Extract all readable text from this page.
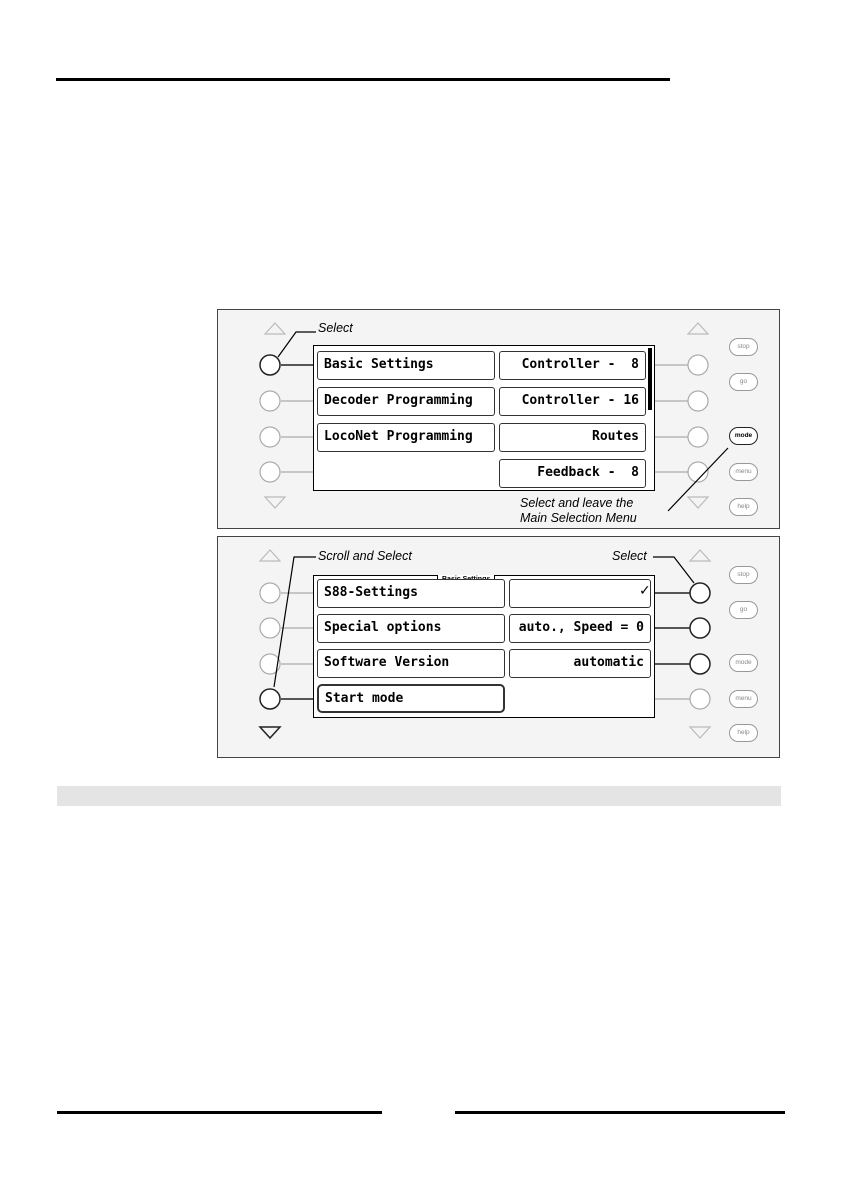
Select
Basic Settings
Decoder Programming
LocoNet Programming
Controller -  8
Controller - 16
Routes
Feedback -  8
Select and leave the
Main Selection Menu
stop
go
mode
menu
help
Scroll and Select	Select
S88-Settings
Special options
Software Version
Start mode

✓
auto., Speed = 0
automatic
stop
go
mode
menu
help
